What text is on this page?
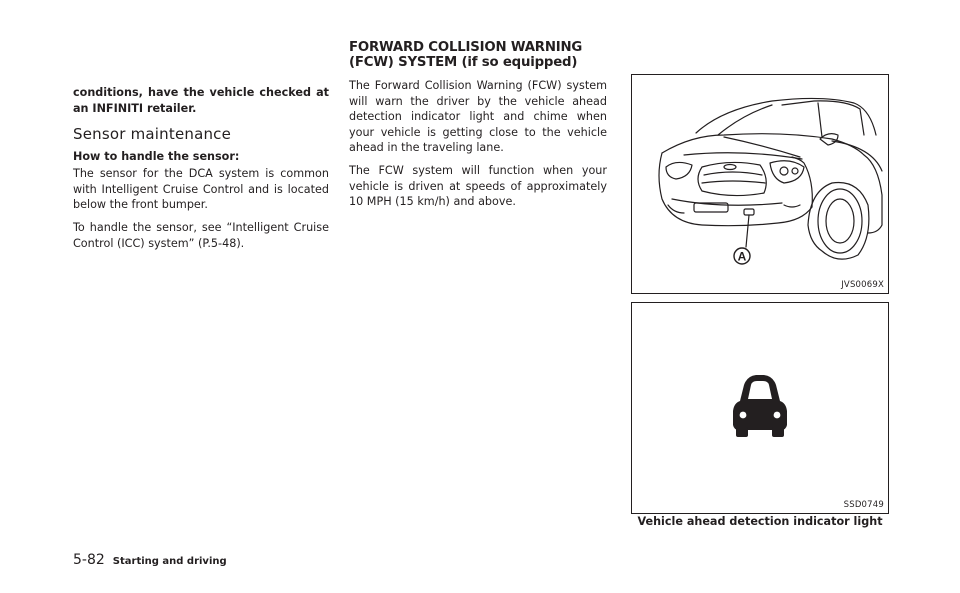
conditions, have the vehicle checked at an INFINITI retailer.

Sensor maintenance
How to handle the sensor:

The sensor for the DCA system is common with Intelligent Cruise Control and is located below the front bumper.

To handle the sensor, see “Intelligent Cruise Control (ICC) system” (P.5-48).

FORWARD COLLISION WARNING (FCW) SYSTEM (if so equipped)

The Forward Collision Warning (FCW) system will warn the driver by the vehicle ahead detection indicator light and chime when your vehicle is getting close to the vehicle ahead in the traveling lane.

The FCW system will function when your vehicle is driven at speeds of approximately 10 MPH (15 km/h) and above.

A
JVS0069X
SSD0749
Vehicle ahead detection indicator light
5-82 Starting and driving
